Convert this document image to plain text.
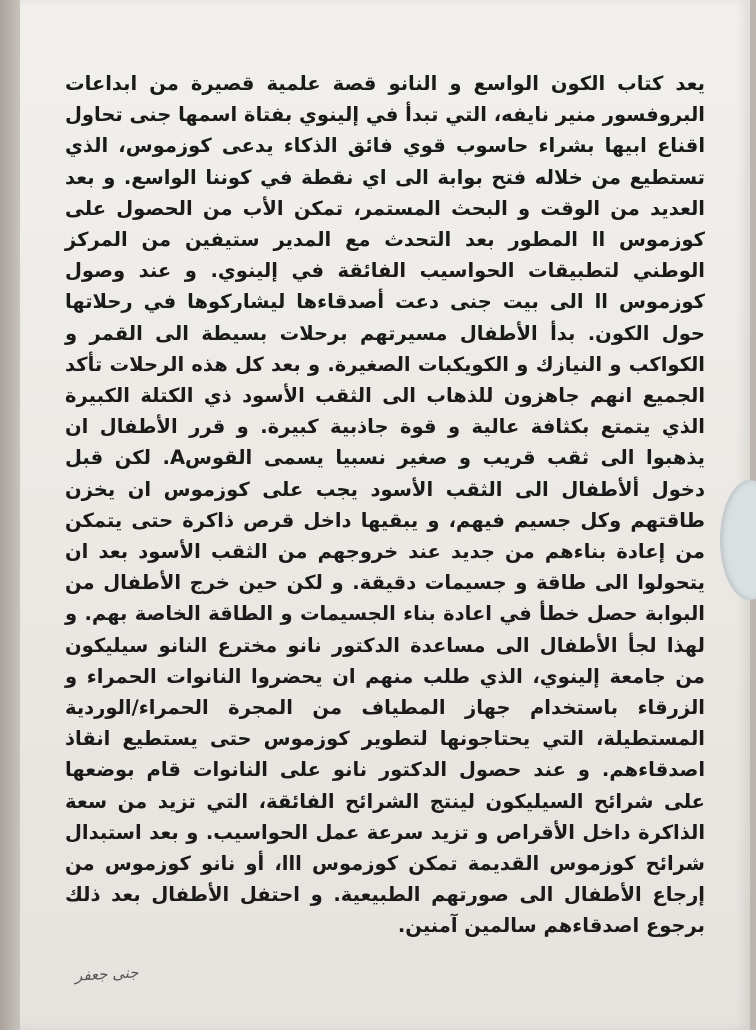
يعد كتاب الكون الواسع و النانو قصة علمية قصيرة من ابداعات البروفسور منير نايفه، التي تبدأ في إلينوي بفتاة اسمها جنى تحاول اقناع ابيها بشراء حاسوب قوي فائق الذكاء يدعى كوزموس، الذي تستطيع من خلاله فتح بوابة الى اي نقطة في كوننا الواسع. و بعد العديد من الوقت و البحث المستمر، تمكن الأب من الحصول على كوزموس اا المطور بعد التحدث مع المدير ستيفين من المركز الوطني لتطبيقات الحواسيب الفائقة في إلينوي. و عند وصول كوزموس اا الى بيت جنى دعت أصدقاءها ليشاركوها في رحلاتها حول الكون. بدأ الأطفال مسيرتهم برحلات بسيطة الى القمر و الكواكب و النيازك و الكويكبات الصغيرة. و بعد كل هذه الرحلات تأكد الجميع انهم جاهزون للذهاب الى الثقب الأسود ذي الكتلة الكبيرة الذي يتمتع بكثافة عالية و قوة جاذبية كبيرة. و قرر الأطفال ان يذهبوا الى ثقب قريب و صغير نسبيا يسمى القوسA. لكن قبل دخول ألأطفال الى الثقب الأسود يجب على كوزموس ان يخزن طاقتهم وكل جسيم فيهم، و يبقيها داخل قرص ذاكرة حتى يتمكن من إعادة بناءهم من جديد عند خروجهم من الثقب الأسود بعد ان يتحولوا الى طاقة و جسيمات دقيقة. و لكن حين خرج الأطفال من البوابة حصل خطأ في اعادة بناء الجسيمات و الطاقة الخاصة بهم. و لهذا لجأ الأطفال الى مساعدة الدكتور نانو مخترع النانو سيليكون من جامعة إلينوي، الذي طلب منهم ان يحضروا النانوات الحمراء و الزرقاء باستخدام جهاز المطياف من المجرة الحمراء/الوردية المستطيلة، التي يحتاجونها لتطوير كوزموس حتى يستطيع انقاذ اصدقاءهم. و عند حصول الدكتور نانو على النانوات قام بوضعها على شرائح السيليكون لينتج الشرائح الفائقة، التي تزيد من سعة الذاكرة داخل الأقراص و تزيد سرعة عمل الحواسيب. و بعد استبدال شرائح كوزموس القديمة تمكن كوزموس ااا، أو نانو كوزموس من إرجاع الأطفال الى صورتهم الطبيعية. و احتفل الأطفال بعد ذلك برجوع اصدقاءهم سالمين آمنين.

جنى جعفر
